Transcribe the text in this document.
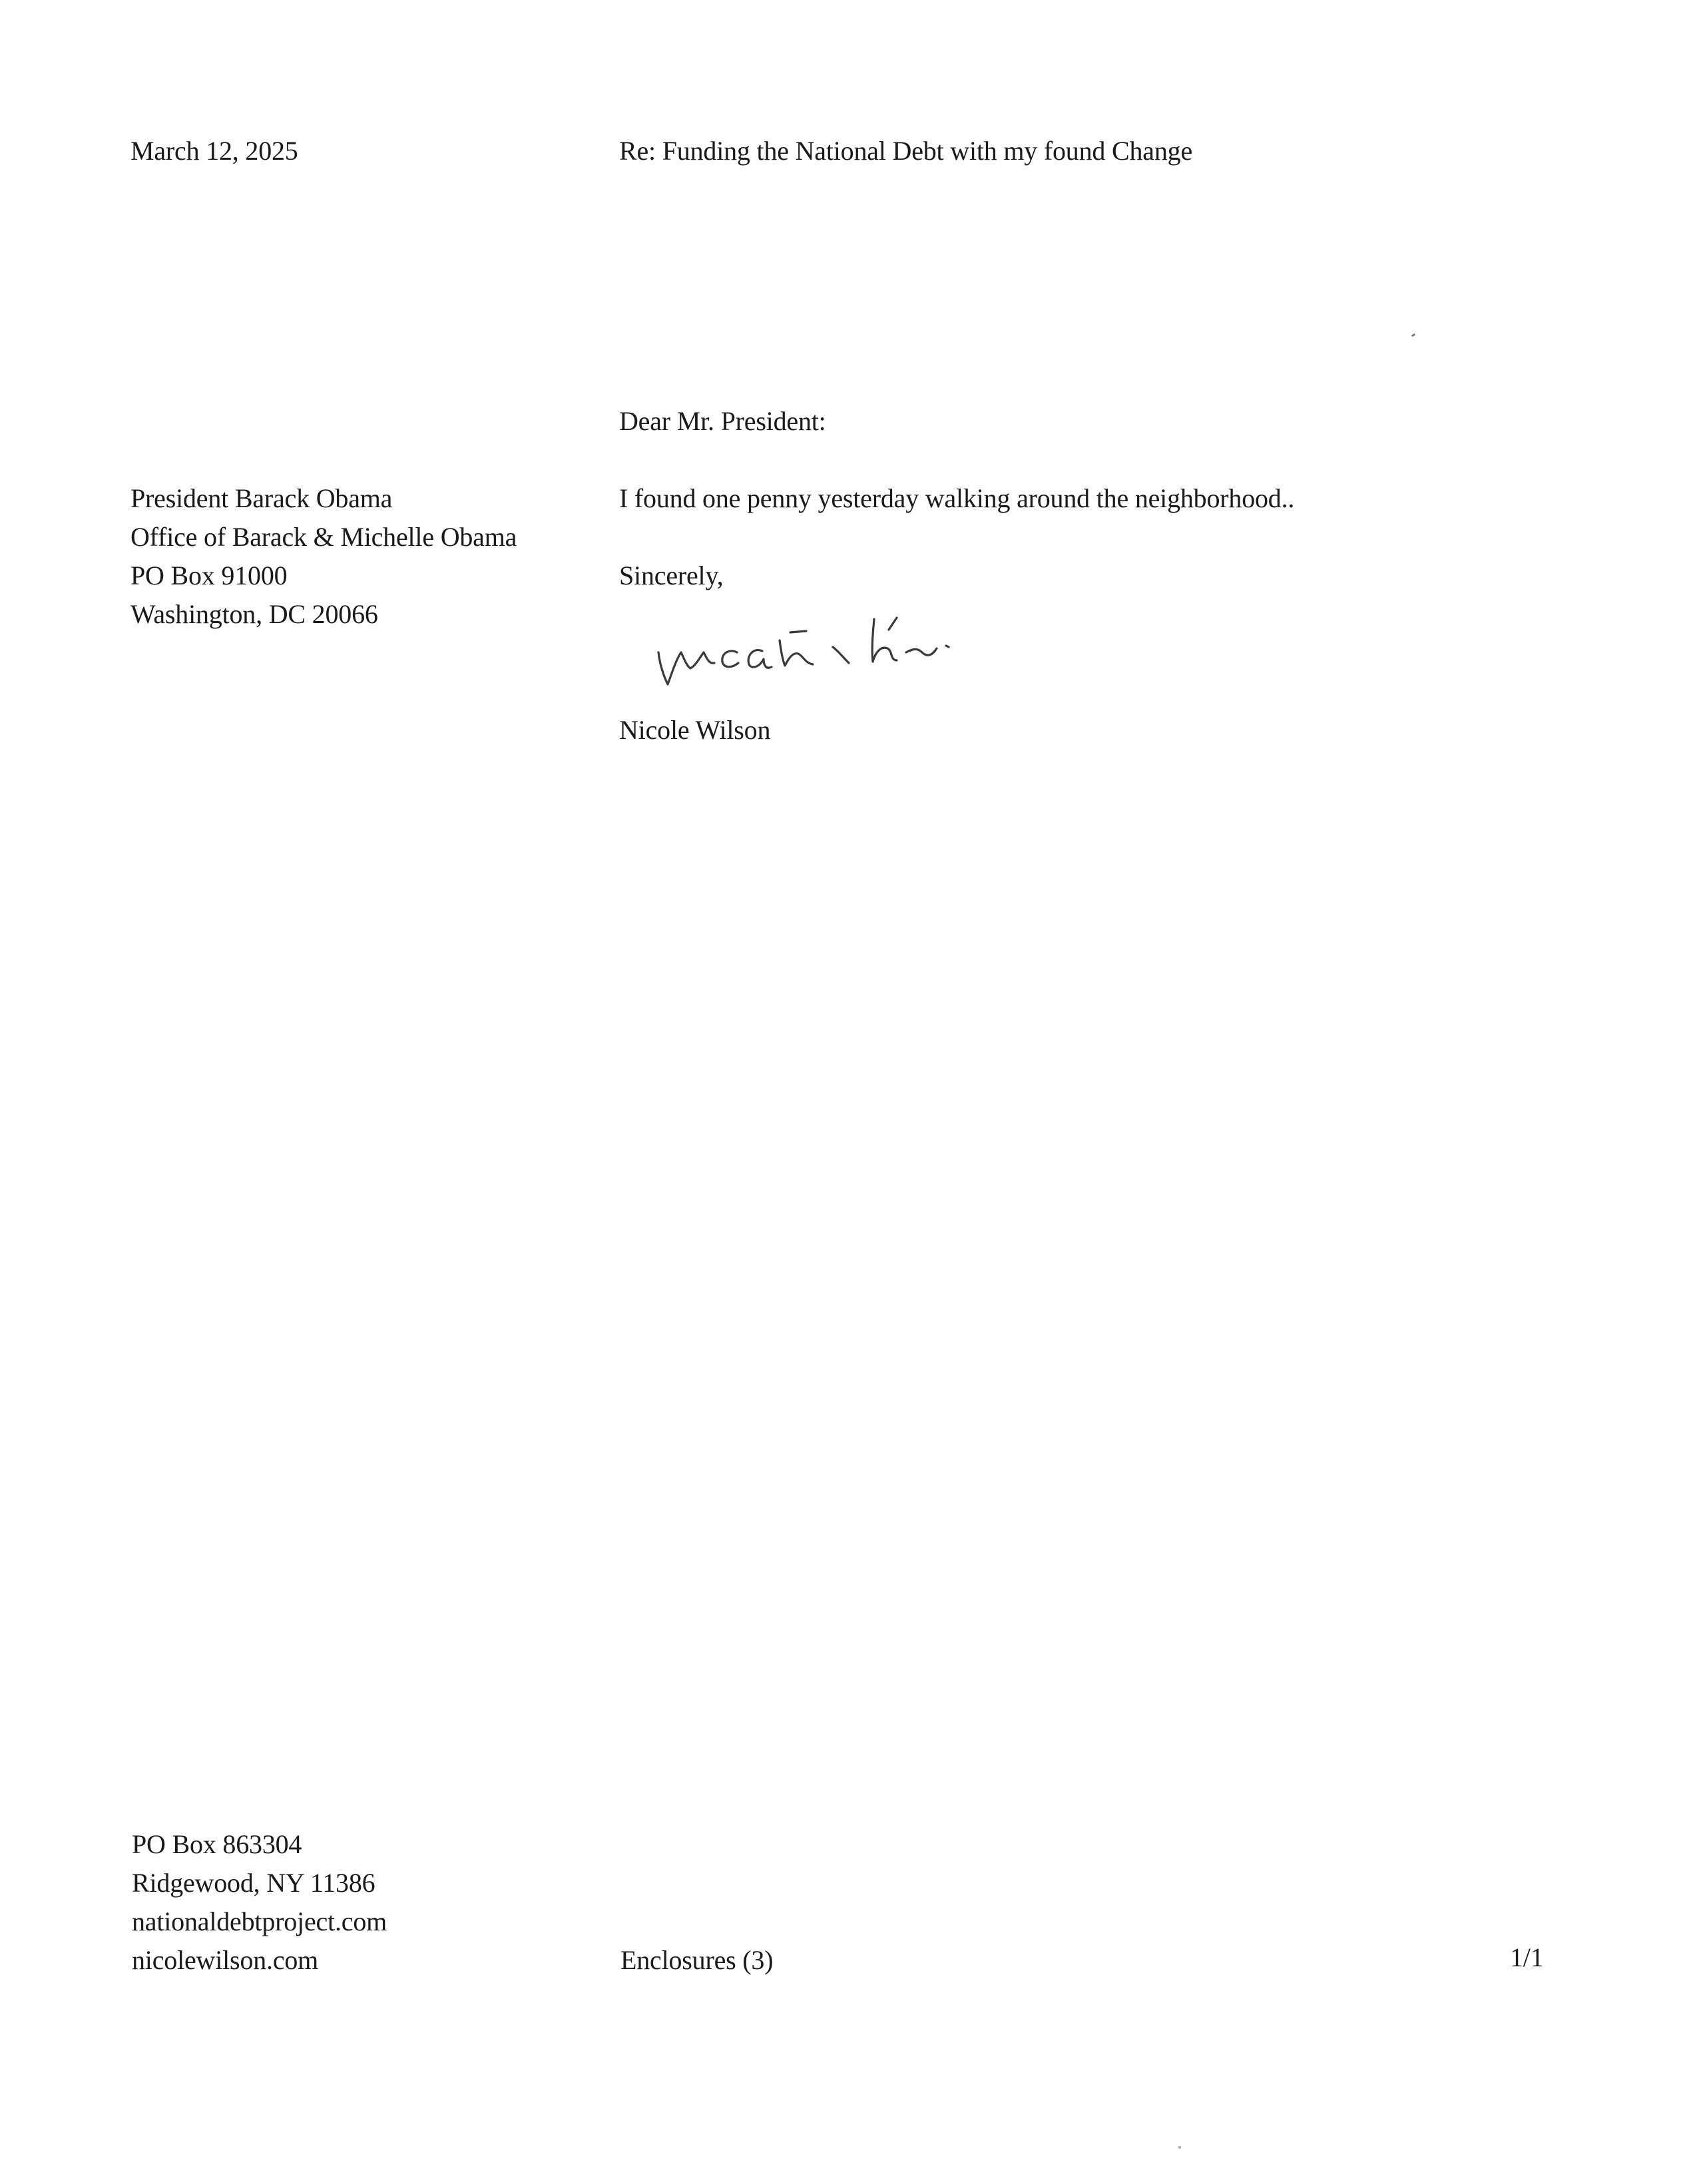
March 12, 2025	Re: Funding the National Debt with my found Change
Dear Mr. President:
President Barack Obama
Office of Barack & Michelle Obama
PO Box 91000
Washington, DC 20066
I found one penny yesterday walking around the neighborhood..
Sincerely,
Nicole Wilson
PO Box 863304
Ridgewood, NY 11386
nationaldebtproject.com
nicolewilson.com	Enclosures (3)	1/1
